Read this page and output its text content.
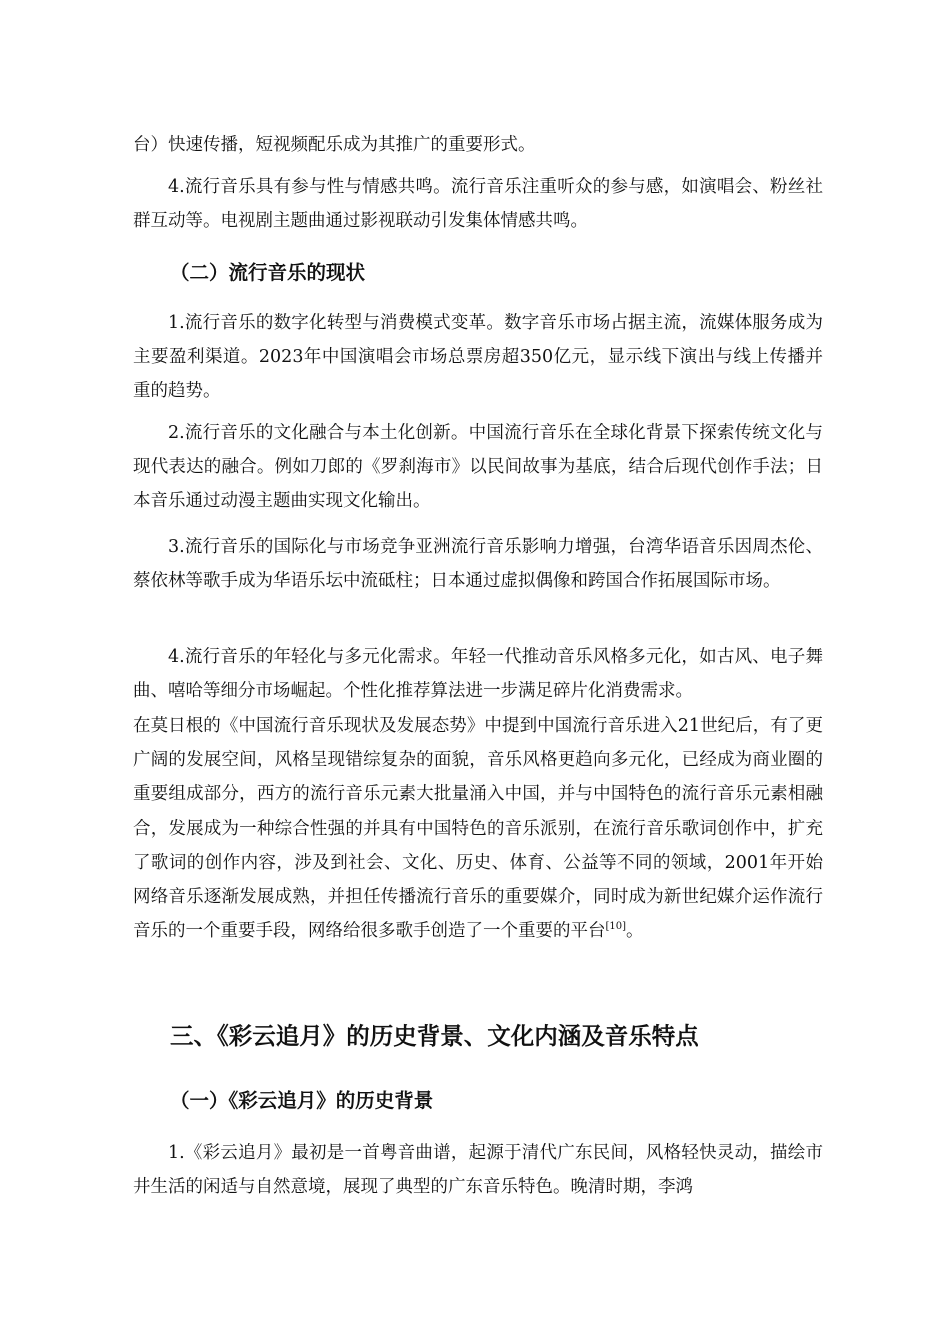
台）快速传播，短视频配乐成为其推广的重要形式。

4.流行音乐具有参与性与情感共鸣。流行音乐注重听众的参与感，如演唱会、粉丝社群互动等。电视剧主题曲通过影视联动引发集体情感共鸣。

（二）流行音乐的现状

1.流行音乐的数字化转型与消费模式变革。数字音乐市场占据主流，流媒体服务成为主要盈利渠道。2023年中国演唱会市场总票房超350亿元，显示线下演出与线上传播并重的趋势。

2.流行音乐的文化融合与本土化创新。中国流行音乐在全球化背景下探索传统文化与现代表达的融合。例如刀郎的《罗刹海市》以民间故事为基底，结合后现代创作手法；日本音乐通过动漫主题曲实现文化输出。

3.流行音乐的国际化与市场竞争亚洲流行音乐影响力增强，台湾华语音乐因周杰伦、蔡依林等歌手成为华语乐坛中流砥柱；日本通过虚拟偶像和跨国合作拓展国际市场。

4.流行音乐的年轻化与多元化需求。年轻一代推动音乐风格多元化，如古风、电子舞曲、嘻哈等细分市场崛起。个性化推荐算法进一步满足碎片化消费需求。

在莫日根的《中国流行音乐现状及发展态势》中提到中国流行音乐进入21世纪后，有了更广阔的发展空间，风格呈现错综复杂的面貌，音乐风格更趋向多元化，已经成为商业圈的重要组成部分，西方的流行音乐元素大批量涌入中国，并与中国特色的流行音乐元素相融合，发展成为一种综合性强的并具有中国特色的音乐派别，在流行音乐歌词创作中，扩充了歌词的创作内容，涉及到社会、文化、历史、体育、公益等不同的领域，2001年开始网络音乐逐渐发展成熟，并担任传播流行音乐的重要媒介，同时成为新世纪媒介运作流行音乐的一个重要手段，网络给很多歌手创造了一个重要的平台[10]。

三、《彩云追月》的历史背景、文化内涵及音乐特点
（一）《彩云追月》的历史背景

1.《彩云追月》最初是一首粤音曲谱，起源于清代广东民间，风格轻快灵动，描绘市井生活的闲适与自然意境，展现了典型的广东音乐特色。晚清时期，李鸿
